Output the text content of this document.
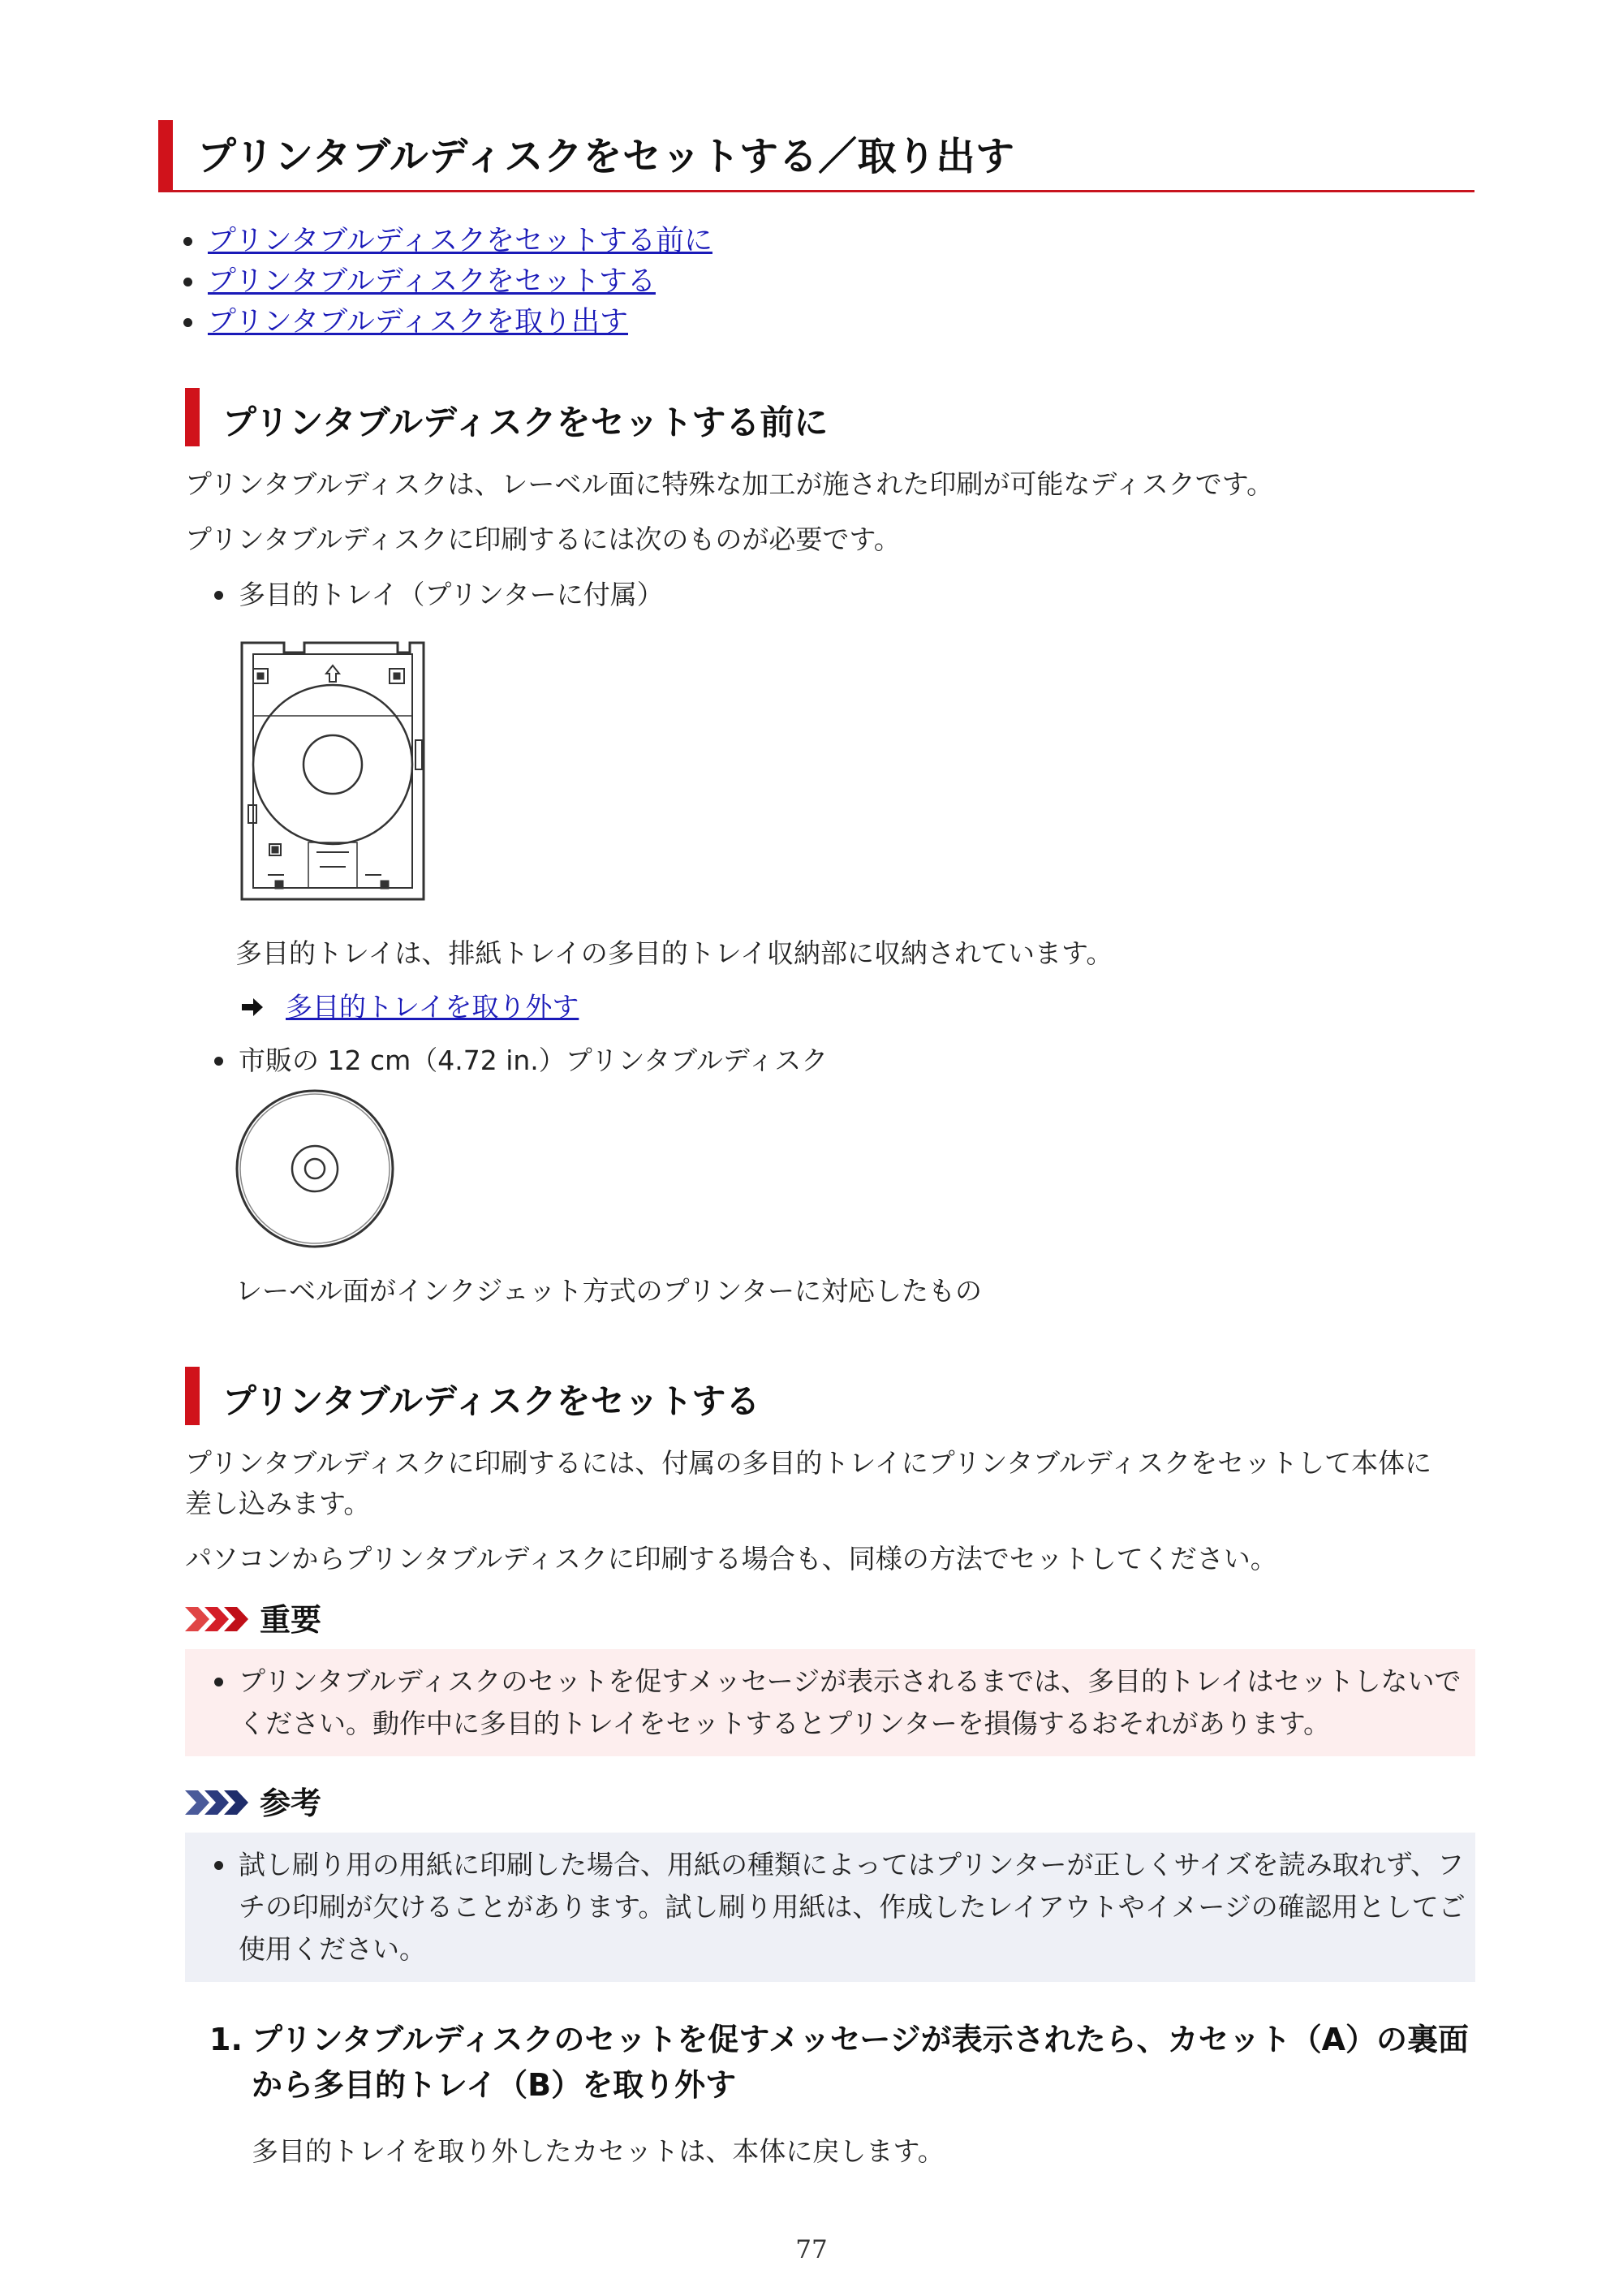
プリンタブルディスクをセットする／取り出す
プリンタブルディスクをセットする前に
プリンタブルディスクをセットする
プリンタブルディスクを取り出す
プリンタブルディスクをセットする前に
プリンタブルディスクは、レーベル面に特殊な加工が施された印刷が可能なディスクです。
プリンタブルディスクに印刷するには次のものが必要です。
多目的トレイ（プリンターに付属）
多目的トレイは、排紙トレイの多目的トレイ収納部に収納されています。
多目的トレイを取り外す
市販の 12 cm（4.72 in.）プリンタブルディスク
レーベル面がインクジェット方式のプリンターに対応したもの
プリンタブルディスクをセットする
プリンタブルディスクに印刷するには、付属の多目的トレイにプリンタブルディスクをセットして本体に
差し込みます。
パソコンからプリンタブルディスクに印刷する場合も、同様の方法でセットしてください。
重要
プリンタブルディスクのセットを促すメッセージが表示されるまでは、多目的トレイはセットしないでください。動作中に多目的トレイをセットするとプリンターを損傷するおそれがあります。
参考
試し刷り用の用紙に印刷した場合、用紙の種類によってはプリンターが正しくサイズを読み取れず、フチの印刷が欠けることがあります。試し刷り用紙は、作成したレイアウトやイメージの確認用としてご使用ください。
1. プリンタブルディスクのセットを促すメッセージが表示されたら、カセット（A）の裏面から多目的トレイ（B）を取り外す
多目的トレイを取り外したカセットは、本体に戻します。
77
